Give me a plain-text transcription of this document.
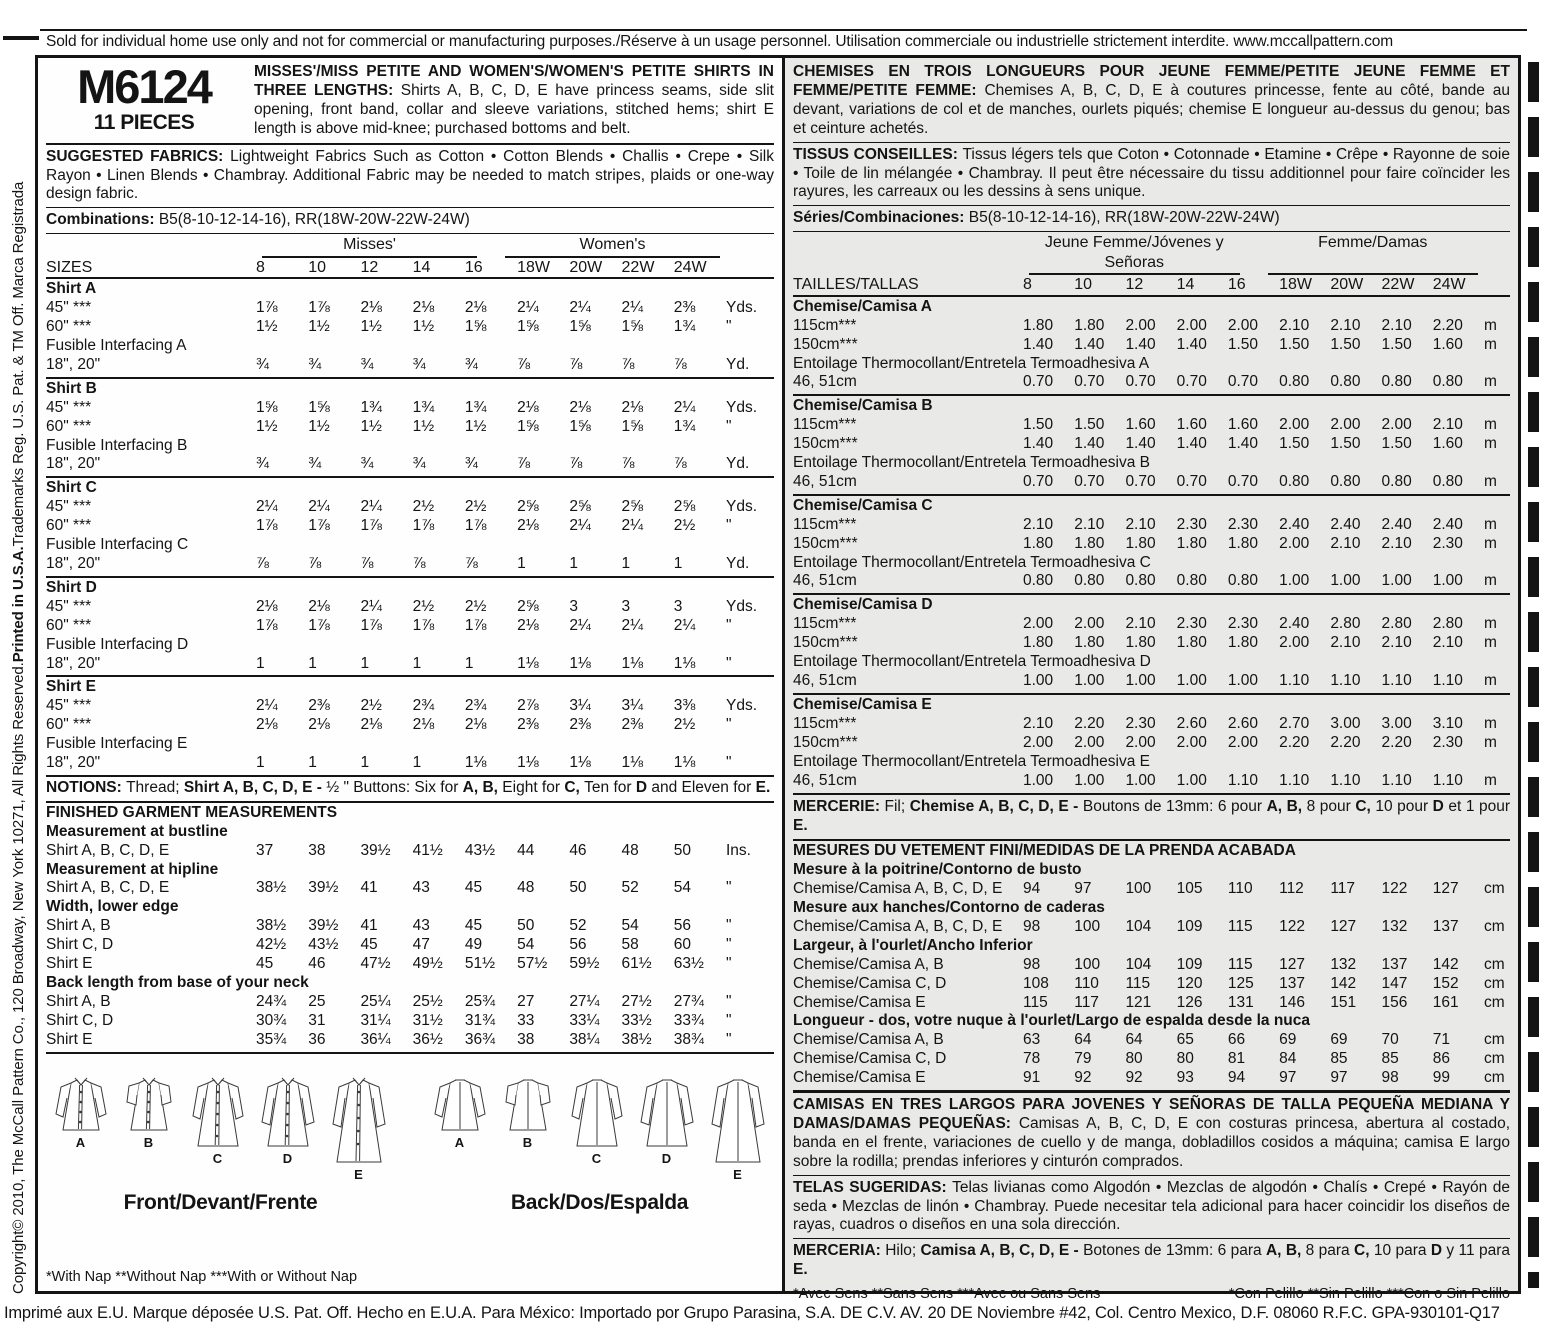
Sold for individual home use only and not for commercial or manufacturing purposes./Réserve à un usage personnel. Utilisation commerciale ou industrielle strictement interdite. www.mccallpattern.com
Copyright© 2010, The McCall Pattern Co., 120 Broadway, New York 10271, All Rights Reserved.
Printed in U.S.A.
Trademarks Reg. U.S. Pat. & TM Off. Marca Registrada
M6124
11 PIECES
MISSES'/MISS PETITE AND WOMEN'S/WOMEN'S PETITE SHIRTS IN THREE LENGTHS: Shirts A, B, C, D, E have princess seams, side slit opening, front band, collar and sleeve variations, stitched hems; shirt E length is above mid-knee; purchased bottoms and belt.
SUGGESTED FABRICS: Lightweight Fabrics Such as Cotton • Cotton Blends • Challis • Crepe • Silk Rayon • Linen Blends • Chambray. Additional Fabric may be needed to match stripes, plaids or one-way design fabric.
Combinations: B5(8-10-12-14-16), RR(18W-20W-22W-24W)
Misses'	Women's
SIZES	8	10	12	14	16	18W	20W	22W	24W
Shirt A
45" ***	1⅞	1⅞	2⅛	2⅛	2⅛	2¼	2¼	2¼	2⅜	Yds.
60" ***	1½	1½	1½	1½	1⅝	1⅝	1⅝	1⅝	1¾	"
Fusible Interfacing A
18", 20"	¾	¾	¾	¾	¾	⅞	⅞	⅞	⅞	Yd.
Shirt B
45" ***	1⅝	1⅝	1¾	1¾	1¾	2⅛	2⅛	2⅛	2¼	Yds.
60" ***	1½	1½	1½	1½	1½	1⅝	1⅝	1⅝	1¾	"
Fusible Interfacing B
18", 20"	¾	¾	¾	¾	¾	⅞	⅞	⅞	⅞	Yd.
Shirt C
45" ***	2¼	2¼	2¼	2½	2½	2⅝	2⅝	2⅝	2⅝	Yds.
60" ***	1⅞	1⅞	1⅞	1⅞	1⅞	2⅛	2¼	2¼	2½	"
Fusible Interfacing C
18", 20"	⅞	⅞	⅞	⅞	⅞	1	1	1	1	Yd.
Shirt D
45" ***	2⅛	2⅛	2¼	2½	2½	2⅝	3	3	3	Yds.
60" ***	1⅞	1⅞	1⅞	1⅞	1⅞	2⅛	2¼	2¼	2¼	"
Fusible Interfacing D
18", 20"	1	1	1	1	1	1⅛	1⅛	1⅛	1⅛	"
Shirt E
45" ***	2¼	2⅜	2½	2¾	2¾	2⅞	3¼	3¼	3⅜	Yds.
60" ***	2⅛	2⅛	2⅛	2⅛	2⅛	2⅜	2⅜	2⅜	2½	"
Fusible Interfacing E
18", 20"	1	1	1	1	1⅛	1⅛	1⅛	1⅛	1⅛	"
NOTIONS: Thread; Shirt A, B, C, D, E - ½ " Buttons: Six for A, B, Eight for C, Ten for D and Eleven for E.
FINISHED GARMENT MEASUREMENTS
Measurement at bustline
Shirt A, B, C, D, E	37	38	39½	41½	43½	44	46	48	50	Ins.
Measurement at hipline
Shirt A, B, C, D, E	38½	39½	41	43	45	48	50	52	54	"
Width, lower edge
Shirt A, B	38½	39½	41	43	45	50	52	54	56	"
Shirt C, D	42½	43½	45	47	49	54	56	58	60	"
Shirt E	45	46	47½	49½	51½	57½	59½	61½	63½	"
Back length from base of your neck
Shirt A, B	24¾	25	25¼	25½	25¾	27	27¼	27½	27¾	"
Shirt C, D	30¾	31	31¼	31½	31¾	33	33¼	33½	33¾	"
Shirt E	35¾	36	36¼	36½	36¾	38	38¼	38½	38¾	"
A	B
C	D
E
Front/Devant/Frente
A	B
C	D
E
Back/Dos/Espalda
*With Nap **Without Nap ***With or Without Nap
CHEMISES EN TROIS LONGUEURS POUR JEUNE FEMME/PETITE JEUNE FEMME ET FEMME/PETITE FEMME: Chemises A, B, C, D, E à coutures princesse, fente au côté, bande au devant, variations de col et de manches, ourlets piqués; chemise E longueur au-dessus du genou; bas et ceinture achetés.
TISSUS CONSEILLES: Tissus légers tels que Coton • Cotonnade • Etamine • Crêpe • Rayonne de soie • Toile de lin mélangée • Chambray. Il peut être nécessaire du tissu additionnel pour faire coïncider les rayures, les carreaux ou les dessins à sens unique.
Séries/Combinaciones: B5(8-10-12-14-16), RR(18W-20W-22W-24W)
Jeune Femme/Jóvenes y Señoras
Femme/Damas
TAILLES/TALLAS	8	10	12	14	16	18W	20W	22W	24W
Chemise/Camisa A
115cm***	1.80	1.80	2.00	2.00	2.00	2.10	2.10	2.10	2.20	m
150cm***	1.40	1.40	1.40	1.40	1.50	1.50	1.50	1.50	1.60	m
Entoilage Thermocollant/Entretela Termoadhesiva A
46, 51cm	0.70	0.70	0.70	0.70	0.70	0.80	0.80	0.80	0.80	m
Chemise/Camisa B
115cm***	1.50	1.50	1.60	1.60	1.60	2.00	2.00	2.00	2.10	m
150cm***	1.40	1.40	1.40	1.40	1.40	1.50	1.50	1.50	1.60	m
Entoilage Thermocollant/Entretela Termoadhesiva B
46, 51cm	0.70	0.70	0.70	0.70	0.70	0.80	0.80	0.80	0.80	m
Chemise/Camisa C
115cm***	2.10	2.10	2.10	2.30	2.30	2.40	2.40	2.40	2.40	m
150cm***	1.80	1.80	1.80	1.80	1.80	2.00	2.10	2.10	2.30	m
Entoilage Thermocollant/Entretela Termoadhesiva C
46, 51cm	0.80	0.80	0.80	0.80	0.80	1.00	1.00	1.00	1.00	m
Chemise/Camisa D
115cm***	2.00	2.00	2.10	2.30	2.30	2.40	2.80	2.80	2.80	m
150cm***	1.80	1.80	1.80	1.80	1.80	2.00	2.10	2.10	2.10	m
Entoilage Thermocollant/Entretela Termoadhesiva D
46, 51cm	1.00	1.00	1.00	1.00	1.00	1.10	1.10	1.10	1.10	m
Chemise/Camisa E
115cm***	2.10	2.20	2.30	2.60	2.60	2.70	3.00	3.00	3.10	m
150cm***	2.00	2.00	2.00	2.00	2.00	2.20	2.20	2.20	2.30	m
Entoilage Thermocollant/Entretela Termoadhesiva E
46, 51cm	1.00	1.00	1.00	1.00	1.10	1.10	1.10	1.10	1.10	m
MERCERIE: Fil; Chemise A, B, C, D, E - Boutons de 13mm: 6 pour A, B, 8 pour C, 10 pour D et 1 pour E.
MESURES DU VETEMENT FINI/MEDIDAS DE LA PRENDA ACABADA
Mesure à la poitrine/Contorno de busto
Chemise/Camisa A, B, C, D, E	94	97	100	105	110	112	117	122	127	cm
Mesure aux hanches/Contorno de caderas
Chemise/Camisa A, B, C, D, E	98	100	104	109	115	122	127	132	137	cm
Largeur, à l'ourlet/Ancho Inferior
Chemise/Camisa A, B	98	100	104	109	115	127	132	137	142	cm
Chemise/Camisa C, D	108	110	115	120	125	137	142	147	152	cm
Chemise/Camisa E	115	117	121	126	131	146	151	156	161	cm
Longueur - dos, votre nuque à l'ourlet/Largo de espalda desde la nuca
Chemise/Camisa A, B	63	64	64	65	66	69	69	70	71	cm
Chemise/Camisa C, D	78	79	80	80	81	84	85	85	86	cm
Chemise/Camisa E	91	92	92	93	94	97	97	98	99	cm
CAMISAS EN TRES LARGOS PARA JOVENES Y SEÑORAS DE TALLA PEQUEÑA MEDIANA Y DAMAS/DAMAS PEQUEÑAS: Camisas A, B, C, D, E con costuras princesa, abertura al costado, banda en el frente, variaciones de cuello y de manga, dobladillos cosidos a máquina; camisa E largo sobre la rodilla; prendas inferiores y cinturón comprados.
TELAS SUGERIDAS: Telas livianas como Algodón • Mezclas de algodón • Chalís • Crepé • Rayón de seda • Mezclas de linón • Chambray. Puede necesitar tela adicional para hacer coincidir los diseños de rayas, cuadros o diseños en una sola dirección.
MERCERIA: Hilo; Camisa A, B, C, D, E - Botones de 13mm: 6 para A, B, 8 para C, 10 para D y 11 para E.
*Avec Sens **Sans Sens ***Avec ou Sans Sens	*Con Pelillo **Sin Pelillo ***Con o Sin Pelillo
Imprimé aux E.U. Marque déposée U.S. Pat. Off. Hecho en E.U.A. Para México: Importado por Grupo Parasina, S.A. DE C.V. AV. 20 DE Noviembre #42, Col. Centro Mexico, D.F. 08060 R.F.C. GPA-930101-Q17
